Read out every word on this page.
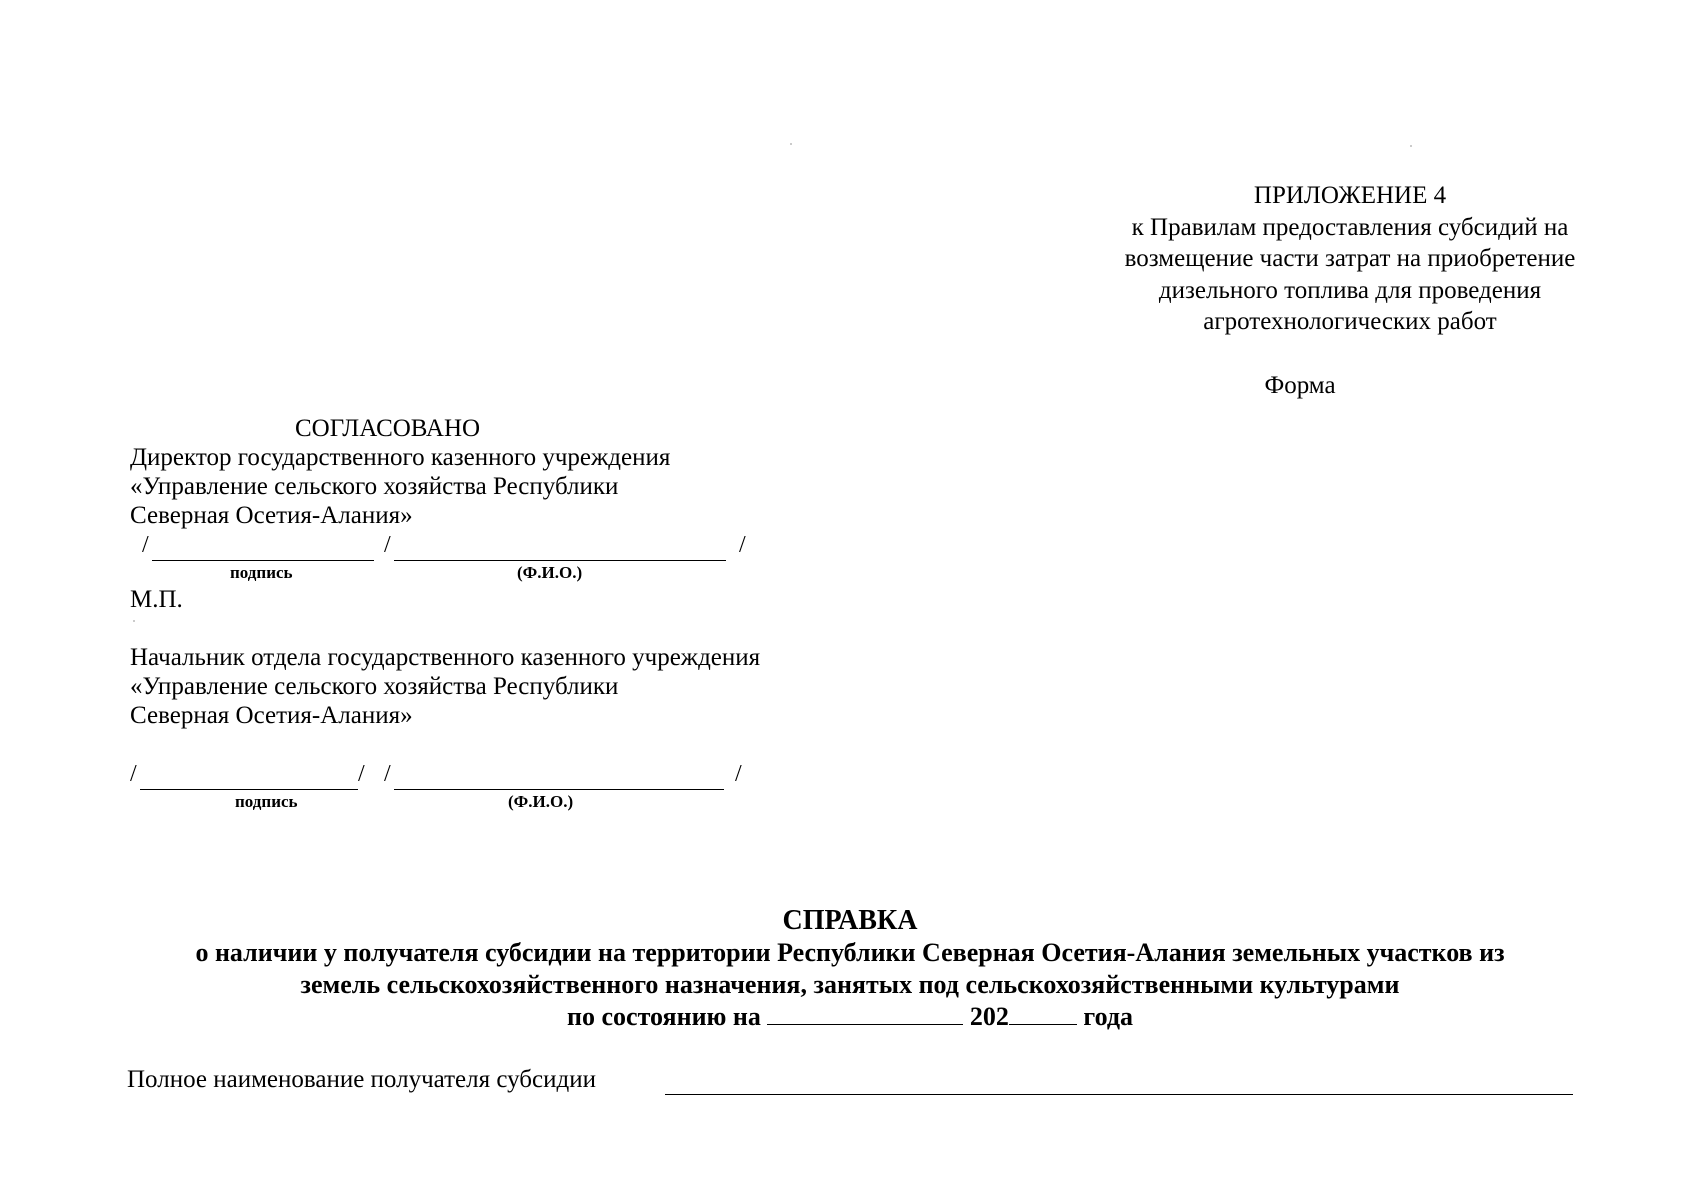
ПРИЛОЖЕНИЕ 4
к Правилам предоставления субсидий на
возмещение части затрат на приобретение
дизельного топлива для проведения
агротехнологических работ
Форма
СОГЛАСОВАНО
Директор государственного казенного учреждения
«Управление сельского хозяйства Республики
Северная Осетия-Алания»
/	/	/
подпись	(Ф.И.О.)
М.П.
Начальник отдела государственного казенного учреждения
«Управление сельского хозяйства Республики
Северная Осетия-Алания»
/	/ /	/
подпись	(Ф.И.О.)
СПРАВКА
о наличии у получателя субсидии на территории Республики Северная Осетия-Алания земельных участков из
земель сельскохозяйственного назначения, занятых под сельскохозяйственными культурами
по состоянию на	202	года
Полное наименование получателя субсидии
